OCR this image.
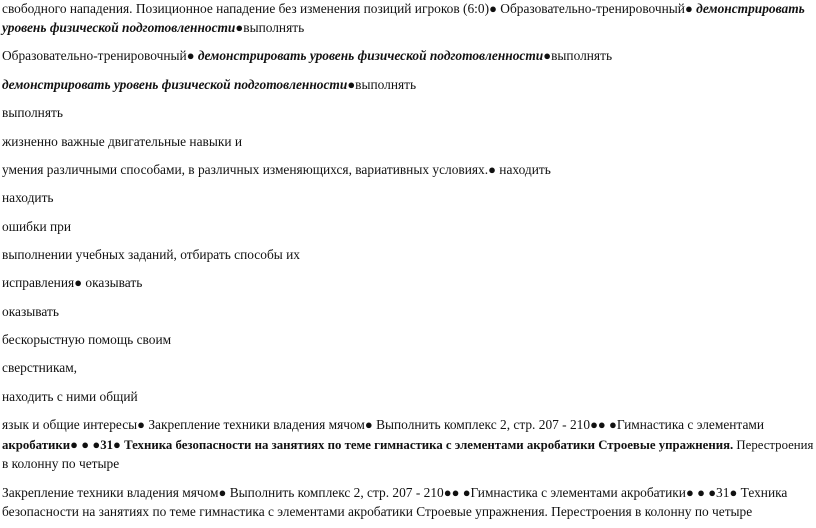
свободного нападения. Позиционное нападение без изменения позиций игроков (6:0)● Образовательно-тренировочный● демонстрировать
уровень физической подготовленности●выполнять
Образовательно-тренировочный● демонстрировать уровень физической подготовленности●выполнять
демонстрировать уровень физической подготовленности●выполнять
выполнять
жизненно важные двигательные навыки и
умения различными способами, в различных изменяющихся, вариативных условиях.● находить
находить
ошибки при
выполнении учебных заданий, отбирать способы их
исправления● оказывать
оказывать
бескорыстную помощь своим
сверстникам,
находить с ними общий
язык и общие интересы● Закрепление техники владения мячом● Выполнить комплекс 2, стр. 207 - 210●● ●Гимнастика с элементами
акробатики● ● ●31● Техника безопасности на занятиях по теме гимнастика с элементами акробатики Строевые упражнения. Перестроения
в колонну по четыре
Закрепление техники владения мячом● Выполнить комплекс 2, стр. 207 - 210●● ●Гимнастика с элементами акробатики● ● ●31● Техника
безопасности на занятиях по теме гимнастика с элементами акробатики Строевые упражнения. Перестроения в колонну по четыре
